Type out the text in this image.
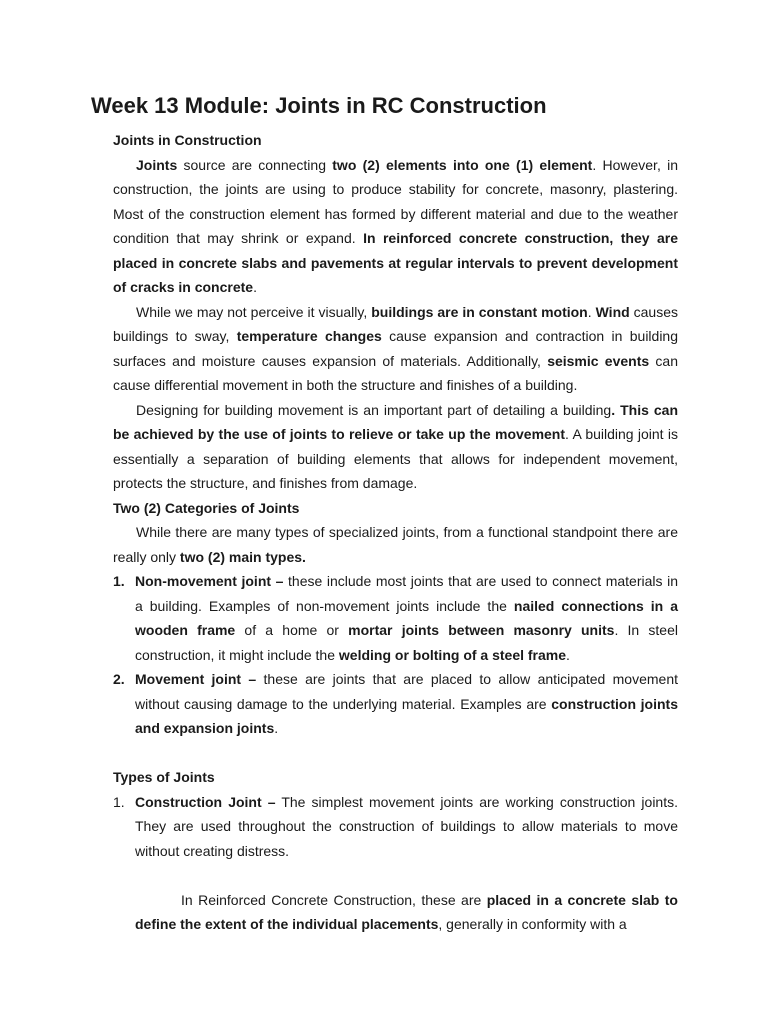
Week 13 Module: Joints in RC Construction
Joints in Construction

Joints source are connecting two (2) elements into one (1) element. However, in construction, the joints are using to produce stability for concrete, masonry, plastering. Most of the construction element has formed by different material and due to the weather condition that may shrink or expand. In reinforced concrete construction, they are placed in concrete slabs and pavements at regular intervals to prevent development of cracks in concrete.

While we may not perceive it visually, buildings are in constant motion. Wind causes buildings to sway, temperature changes cause expansion and contraction in building surfaces and moisture causes expansion of materials. Additionally, seismic events can cause differential movement in both the structure and finishes of a building.

Designing for building movement is an important part of detailing a building. This can be achieved by the use of joints to relieve or take up the movement. A building joint is essentially a separation of building elements that allows for independent movement, protects the structure, and finishes from damage.

Two (2) Categories of Joints

While there are many types of specialized joints, from a functional standpoint there are really only two (2) main types.

1. Non-movement joint – these include most joints that are used to connect materials in a building. Examples of non-movement joints include the nailed connections in a wooden frame of a home or mortar joints between masonry units. In steel construction, it might include the welding or bolting of a steel frame.
2. Movement joint – these are joints that are placed to allow anticipated movement without causing damage to the underlying material. Examples are construction joints and expansion joints.
Types of Joints
1. Construction Joint – The simplest movement joints are working construction joints. They are used throughout the construction of buildings to allow materials to move without creating distress.

In Reinforced Concrete Construction, these are placed in a concrete slab to define the extent of the individual placements, generally in conformity with a
